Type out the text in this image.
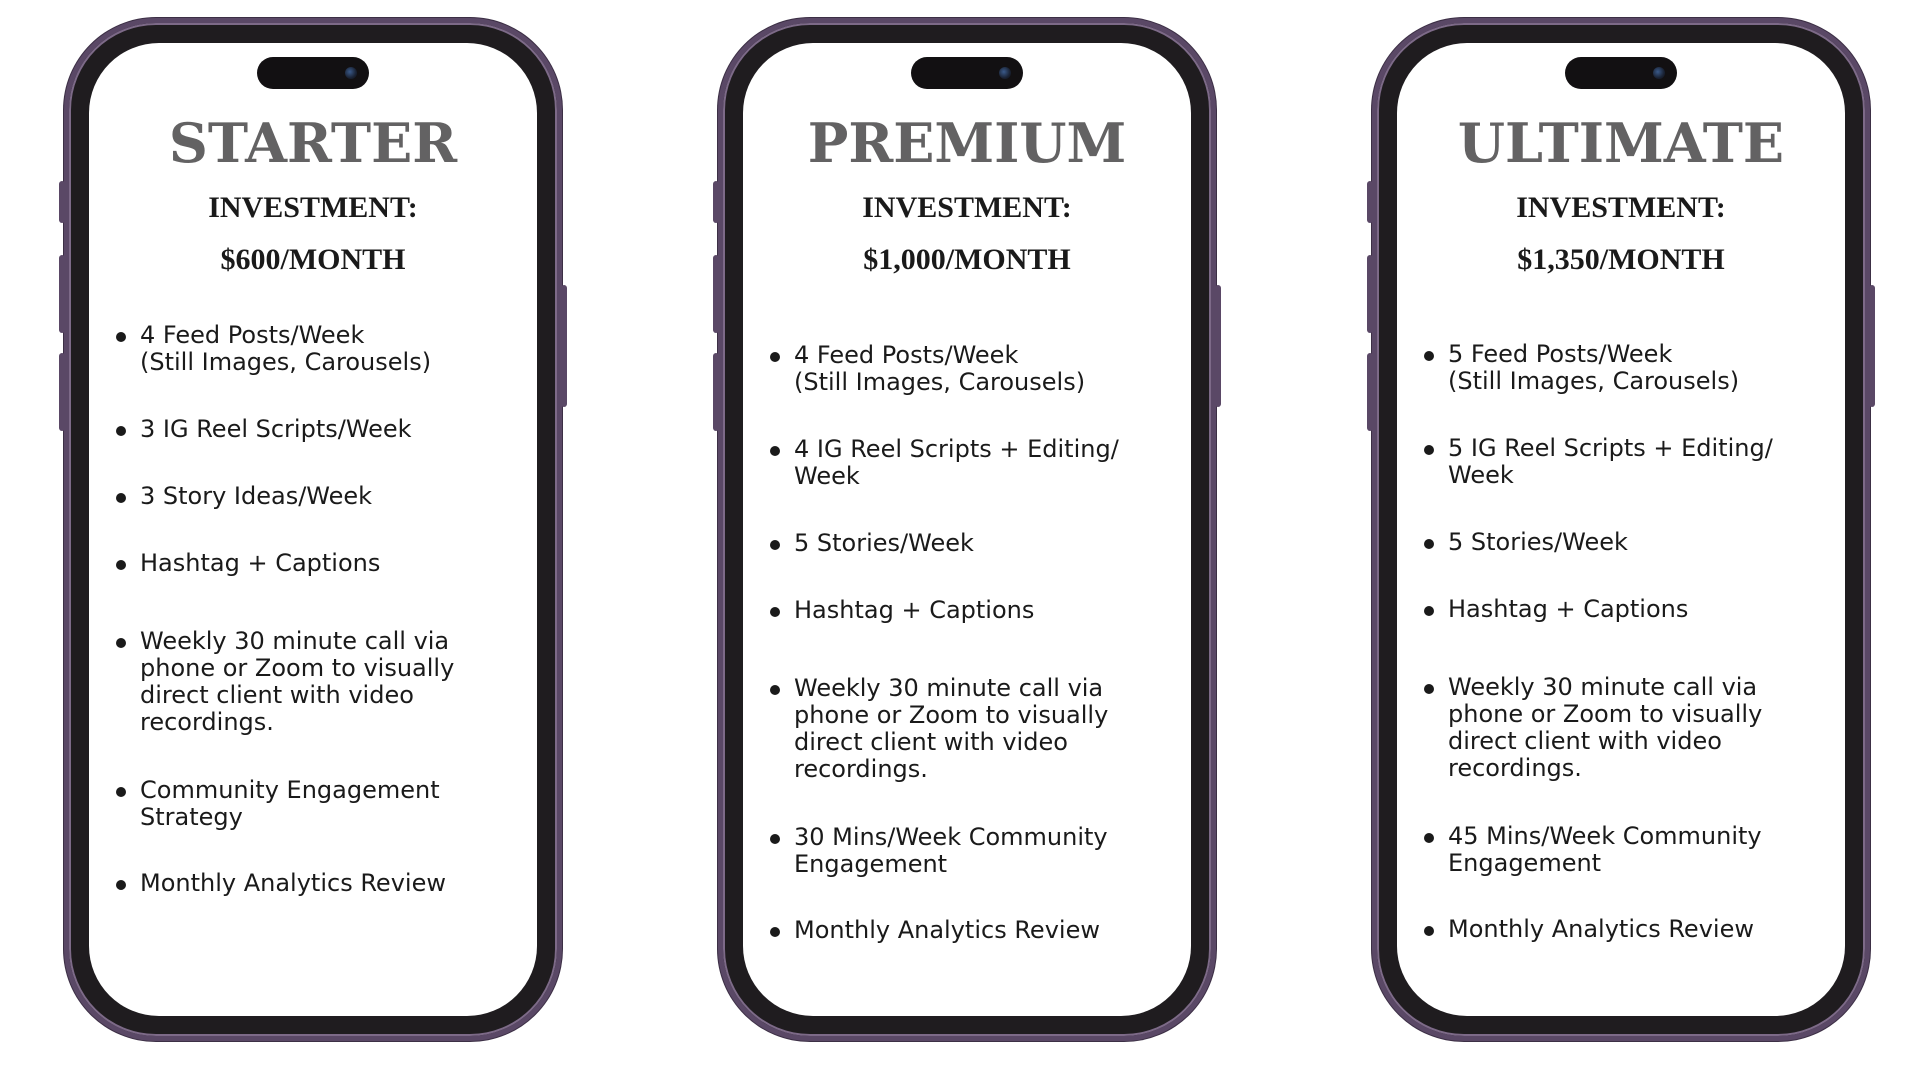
STARTER
INVESTMENT:
$600/MONTH
4 Feed Posts/Week
(Still Images, Carousels)
3 IG Reel Scripts/Week
3 Story Ideas/Week
Hashtag + Captions
Weekly 30 minute call via
phone or Zoom to visually
direct client with video
recordings.
Community Engagement
Strategy
Monthly Analytics Review
PREMIUM
INVESTMENT:
$1,000/MONTH
4 Feed Posts/Week
(Still Images, Carousels)
4 IG Reel Scripts + Editing/
Week
5 Stories/Week
Hashtag + Captions
Weekly 30 minute call via
phone or Zoom to visually
direct client with video
recordings.
30 Mins/Week Community
Engagement
Monthly Analytics Review
ULTIMATE
INVESTMENT:
$1,350/MONTH
5 Feed Posts/Week
(Still Images, Carousels)
5 IG Reel Scripts + Editing/
Week
5 Stories/Week
Hashtag + Captions
Weekly 30 minute call via
phone or Zoom to visually
direct client with video
recordings.
45 Mins/Week Community
Engagement
Monthly Analytics Review
